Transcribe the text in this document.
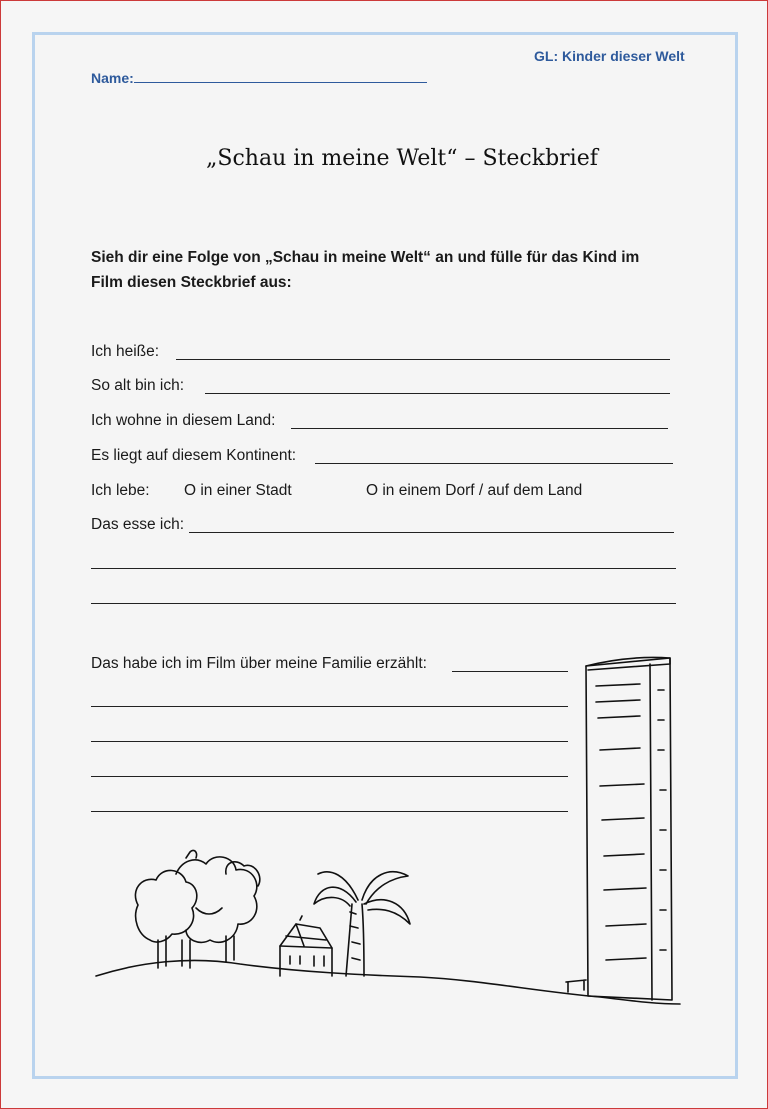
GL: Kinder dieser Welt
Name:
„Schau in meine Welt“ – Steckbrief
Sieh dir eine Folge von „Schau in meine Welt“ an und fülle für das Kind im
Film diesen Steckbrief aus:
Ich heiße:
So alt bin ich:
Ich wohne in diesem Land:
Es liegt auf diesem Kontinent:
Ich lebe: O in einer Stadt	O in einem Dorf / auf dem Land
Das esse ich:
Das habe ich im Film über meine Familie erzählt:
